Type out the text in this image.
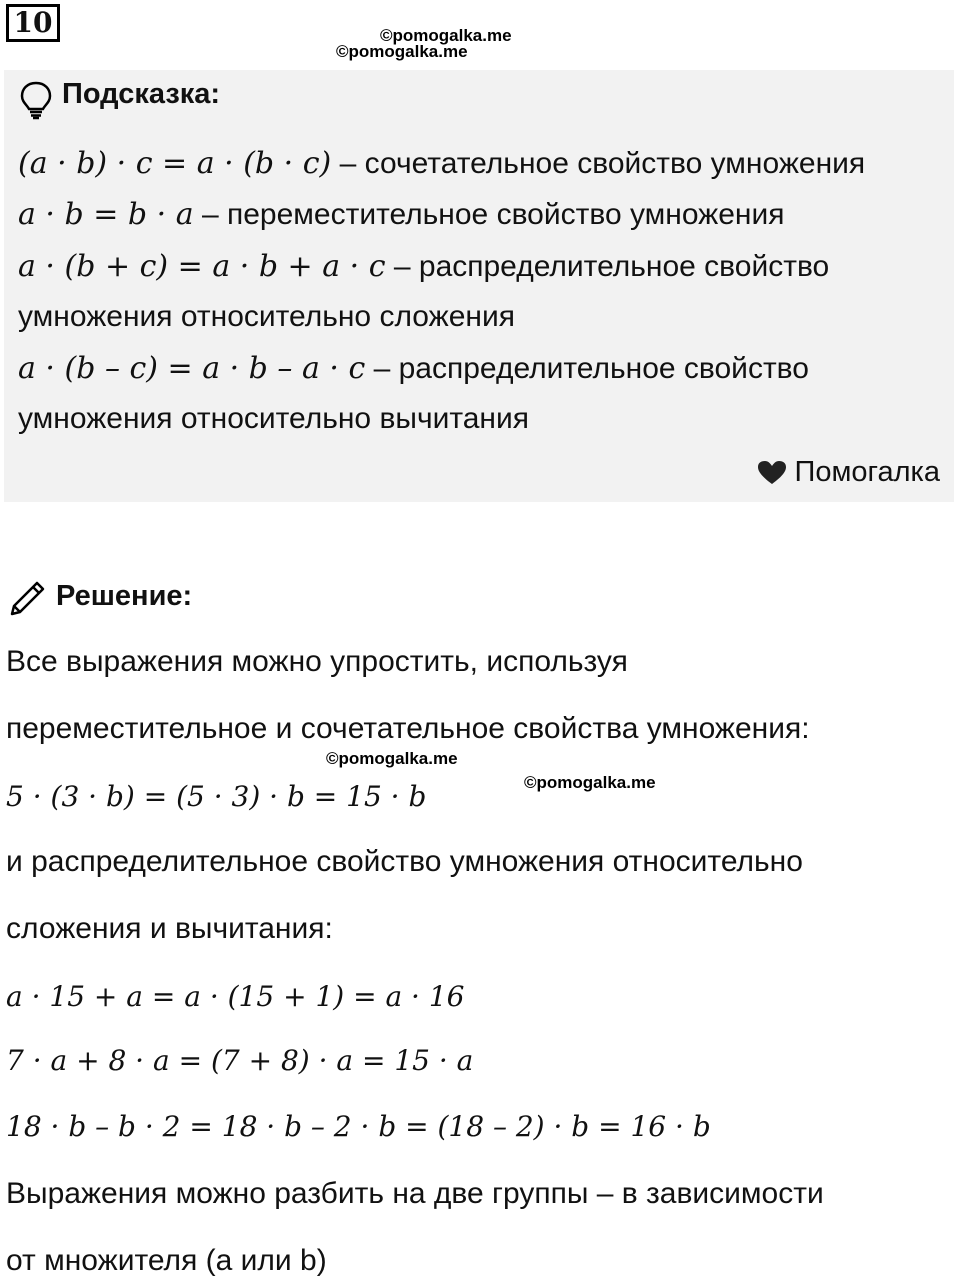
10	©pomogalka.me
©pomogalka.me
Подсказка:
(a · b) · c = a · (b · c) – сочетательное свойство умножения
a · b = b · a – переместительное свойство умножения
a · (b + c) = a · b + a · c – распределительное свойство
умножения относительно сложения
a · (b – c) = a · b – a · c – распределительное свойство
умножения относительно вычитания
Помогалка
Решение:
Все выражения можно упростить, используя
переместительное и сочетательное свойства умножения:
5 · (3 · b) = (5 · 3) · b = 15 · b
и распределительное свойство умножения относительно
сложения и вычитания:
a · 15 + a = a · (15 + 1) = a · 16
7 · a + 8 · a = (7 + 8) · a = 15 · a
18 · b – b · 2 = 18 · b – 2 · b = (18 – 2) · b = 16 · b
Выражения можно разбить на две группы – в зависимости
от множителя (a или b)
©pomogalka.me
©pomogalka.me
